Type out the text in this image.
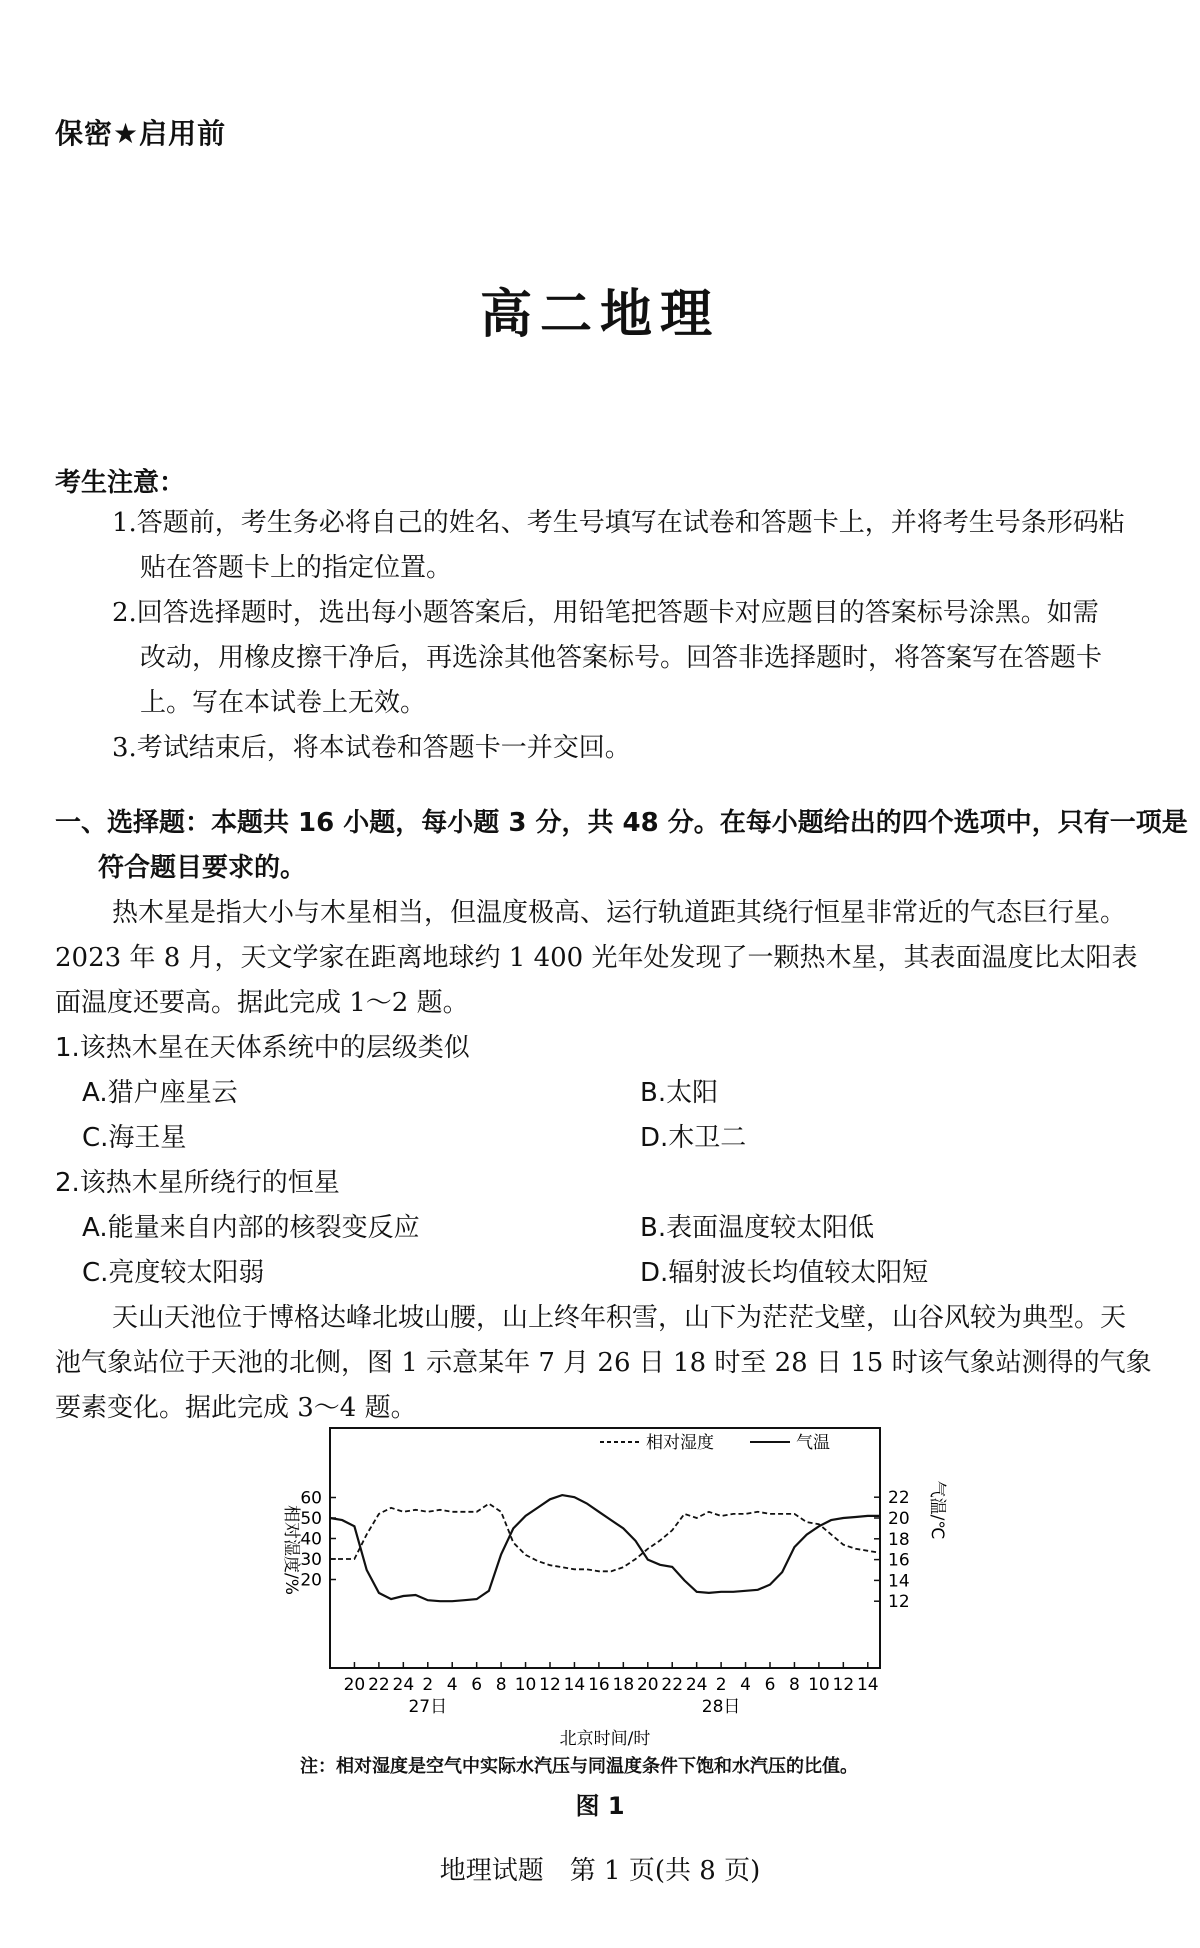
保密★启用前
高二地理
考生注意：
1.答题前，考生务必将自己的姓名、考生号填写在试卷和答题卡上，并将考生号条形码粘
贴在答题卡上的指定位置。
2.回答选择题时，选出每小题答案后，用铅笔把答题卡对应题目的答案标号涂黑。如需
改动，用橡皮擦干净后，再选涂其他答案标号。回答非选择题时，将答案写在答题卡
上。写在本试卷上无效。
3.考试结束后，将本试卷和答题卡一并交回。
一、选择题：本题共 16 小题，每小题 3 分，共 48 分。在每小题给出的四个选项中，只有一项是
符合题目要求的。
热木星是指大小与木星相当，但温度极高、运行轨道距其绕行恒星非常近的气态巨行星。
2023 年 8 月，天文学家在距离地球约 1 400 光年处发现了一颗热木星，其表面温度比太阳表
面温度还要高。据此完成 1～2 题。
1.该热木星在天体系统中的层级类似
A.猎户座星云	B.太阳
C.海王星	D.木卫二
2.该热木星所绕行的恒星
A.能量来自内部的核裂变反应	B.表面温度较太阳低
C.亮度较太阳弱	D.辐射波长均值较太阳短
天山天池位于博格达峰北坡山腰，山上终年积雪，山下为茫茫戈壁，山谷风较为典型。天
池气象站位于天池的北侧，图 1 示意某年 7 月 26 日 18 时至 28 日 15 时该气象站测得的气象
要素变化。据此完成 3～4 题。
相对湿度	气温
20
30
40
50
60
12
14
16
18
20
22
20 22 24 2 4 6 8 10 12 14 16 18 20 22 24 2 4 6 8 10 12 14
27日	28日
相对湿度/%	气温/℃
北京时间/时
注：相对湿度是空气中实际水汽压与同温度条件下饱和水汽压的比值。
图 1
地理试题　第 1 页(共 8 页)
